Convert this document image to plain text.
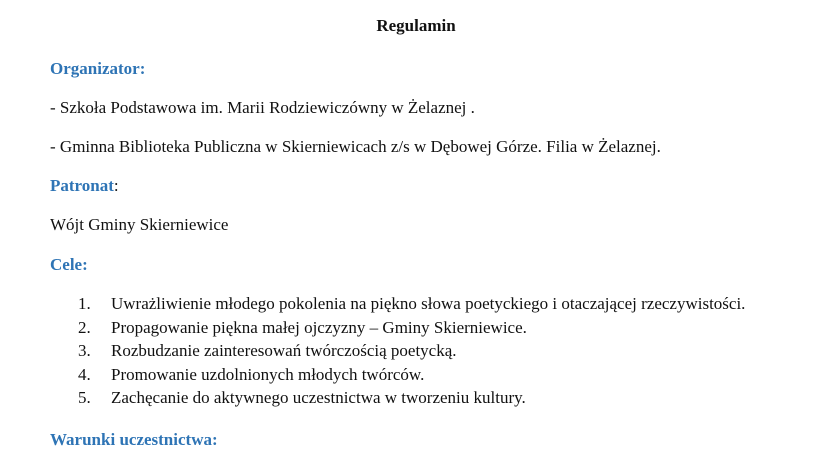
Regulamin
Organizator:
- Szkoła Podstawowa im. Marii Rodziewiczówny w Żelaznej .
- Gminna Biblioteka Publiczna w Skierniewicach z/s w Dębowej Górze. Filia w Żelaznej.
Patronat:
Wójt Gminy Skierniewice
Cele:
1. Uwrażliwienie młodego pokolenia na piękno słowa poetyckiego i otaczającej rzeczywistości.
2. Propagowanie piękna małej ojczyzny – Gminy Skierniewice.
3. Rozbudzanie zainteresowań twórczością poetycką.
4. Promowanie uzdolnionych młodych twórców.
5. Zachęcanie do aktywnego uczestnictwa w tworzeniu kultury.
Warunki uczestnictwa:
